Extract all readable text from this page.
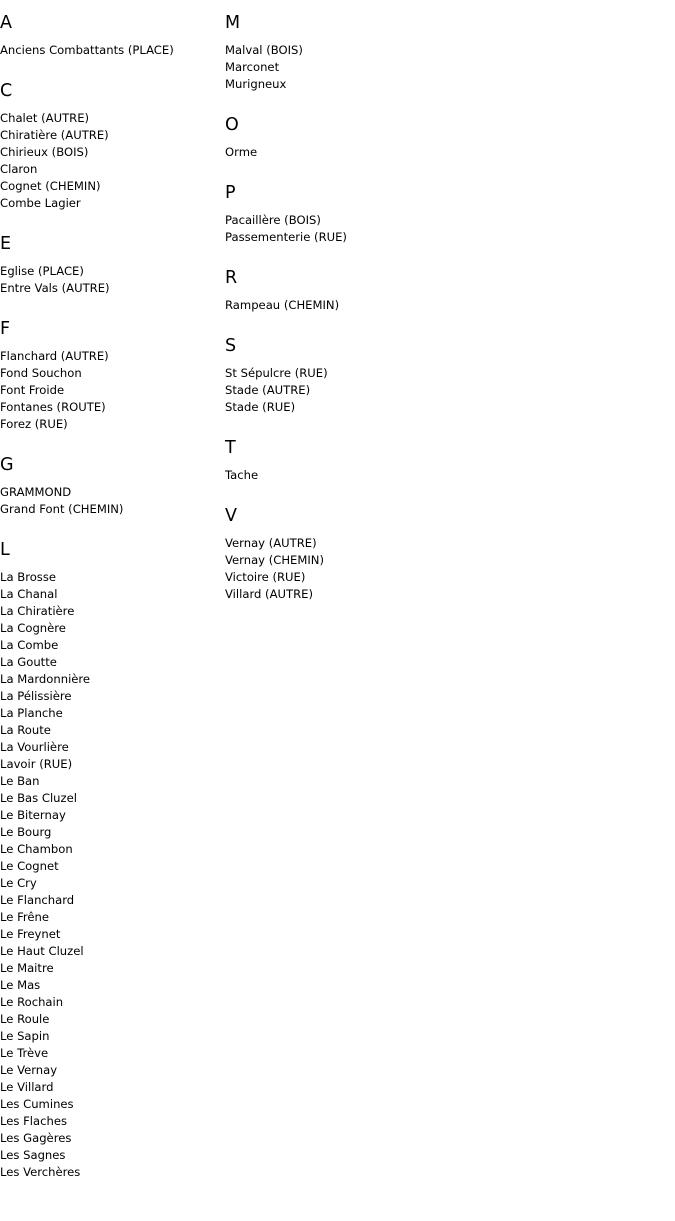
A
Anciens Combattants (PLACE)
C
Chalet (AUTRE)
Chiratière (AUTRE)
Chirieux (BOIS)
Claron
Cognet (CHEMIN)
Combe Lagier
E
Eglise (PLACE)
Entre Vals (AUTRE)
F
Flanchard (AUTRE)
Fond Souchon
Font Froide
Fontanes (ROUTE)
Forez (RUE)
G
GRAMMOND
Grand Font (CHEMIN)
L
La Brosse
La Chanal
La Chiratière
La Cognère
La Combe
La Goutte
La Mardonnière
La Pélissière
La Planche
La Route
La Vourlière
Lavoir (RUE)
Le Ban
Le Bas Cluzel
Le Biternay
Le Bourg
Le Chambon
Le Cognet
Le Cry
Le Flanchard
Le Frêne
Le Freynet
Le Haut Cluzel
Le Maitre
Le Mas
Le Rochain
Le Roule
Le Sapin
Le Trève
Le Vernay
Le Villard
Les Cumines
Les Flaches
Les Gagères
Les Sagnes
Les Verchères
M
Malval (BOIS)
Marconet
Murigneux
O
Orme
P
Pacaillère (BOIS)
Passementerie (RUE)
R
Rampeau (CHEMIN)
S
St Sépulcre (RUE)
Stade (AUTRE)
Stade (RUE)
T
Tache
V
Vernay (AUTRE)
Vernay (CHEMIN)
Victoire (RUE)
Villard (AUTRE)
